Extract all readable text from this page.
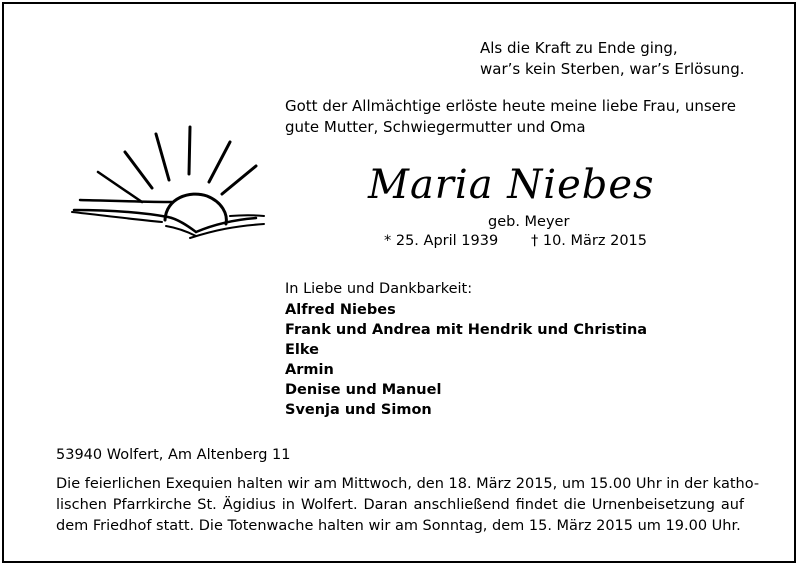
Als die Kraft zu Ende ging,
war’s kein Sterben, war’s Erlösung.
Gott der Allmächtige erlöste heute meine liebe Frau, unsere
gute Mutter, Schwiegermutter und Oma
Maria Niebes
geb. Meyer
* 25. April 1939 † 10. März 2015
In Liebe und Dankbarkeit:
Alfred Niebes
Frank und Andrea mit Hendrik und Christina
Elke
Armin
Denise und Manuel
Svenja und Simon
53940 Wolfert, Am Altenberg 11
Die feierlichen Exequien halten wir am Mittwoch, den 18. März 2015, um 15.00 Uhr in der katho-
lischen Pfarrkirche St. Ägidius in Wolfert. Daran anschließend findet die Urnenbeisetzung auf
dem Friedhof statt. Die Totenwache halten wir am Sonntag, dem 15. März 2015 um 19.00 Uhr.
